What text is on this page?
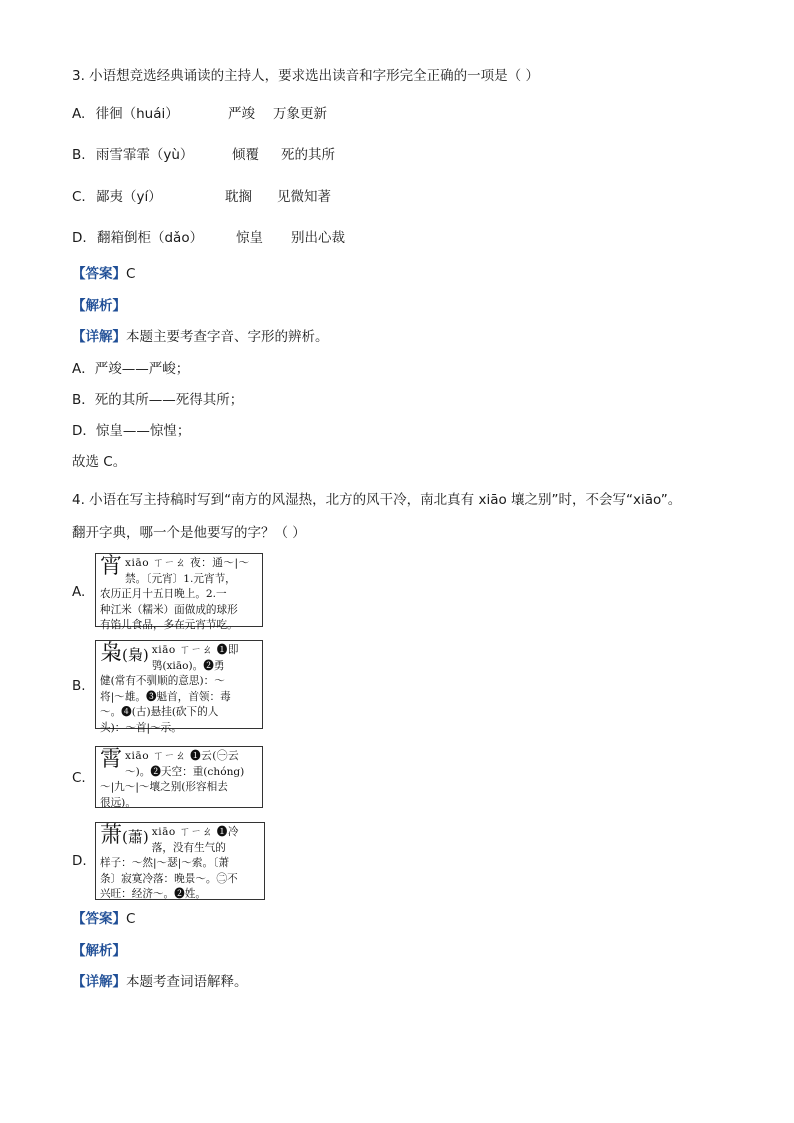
3. 小语想竞选经典诵读的主持人，要求选出读音和字形完全正确的一项是（ ）
A. 徘徊（huái）	严竣 万象更新
B. 雨雪霏霏（yù）	倾覆 死的其所
C. 鄙夷（yí）	耽搁 见微知著
D. 翻箱倒柜（dǎo） 惊皇 别出心裁
【答案】C
【解析】
【详解】本题主要考查字音、字形的辨析。
A．严竣——严峻；
B．死的其所——死得其所；
D．惊皇——惊惶；
故选 C。
4. 小语在写主持稿时写到“南方的风湿热，北方的风干冷，南北真有 xiāo 壤之别”时，不会写“xiāo”。
翻开字典，哪一个是他要写的字？（ ）
A.
宵 xiāo ㄒㄧㄠ 夜：通～|～
禁。〔元宵〕1.元宵节，
农历正月十五日晚上。2.一
种江米（糯米）面做成的球形
有馅儿食品，多在元宵节吃。
B.
枭(梟) xiāo ㄒㄧㄠ ❶即
鸮(xiāo)。❷勇
健(常有不驯顺的意思)：～
将|～雄。❸魁首，首领：毒
～。❹(古)悬挂(砍下的人
头)：～首|～示。
C.
霄 xiāo ㄒㄧㄠ ❶云(㊀云
～)。❷天空：重(chóng)
～|九～|～壤之别(形容相去
很远)。
D.
萧(蕭) xiāo ㄒㄧㄠ ❶冷
落，没有生气的
样子：～然|～瑟|～索。〔萧
条〕寂寞冷落：晚景～。㊁不
兴旺：经济～。❷姓。
【答案】C
【解析】
【详解】本题考查词语解释。
